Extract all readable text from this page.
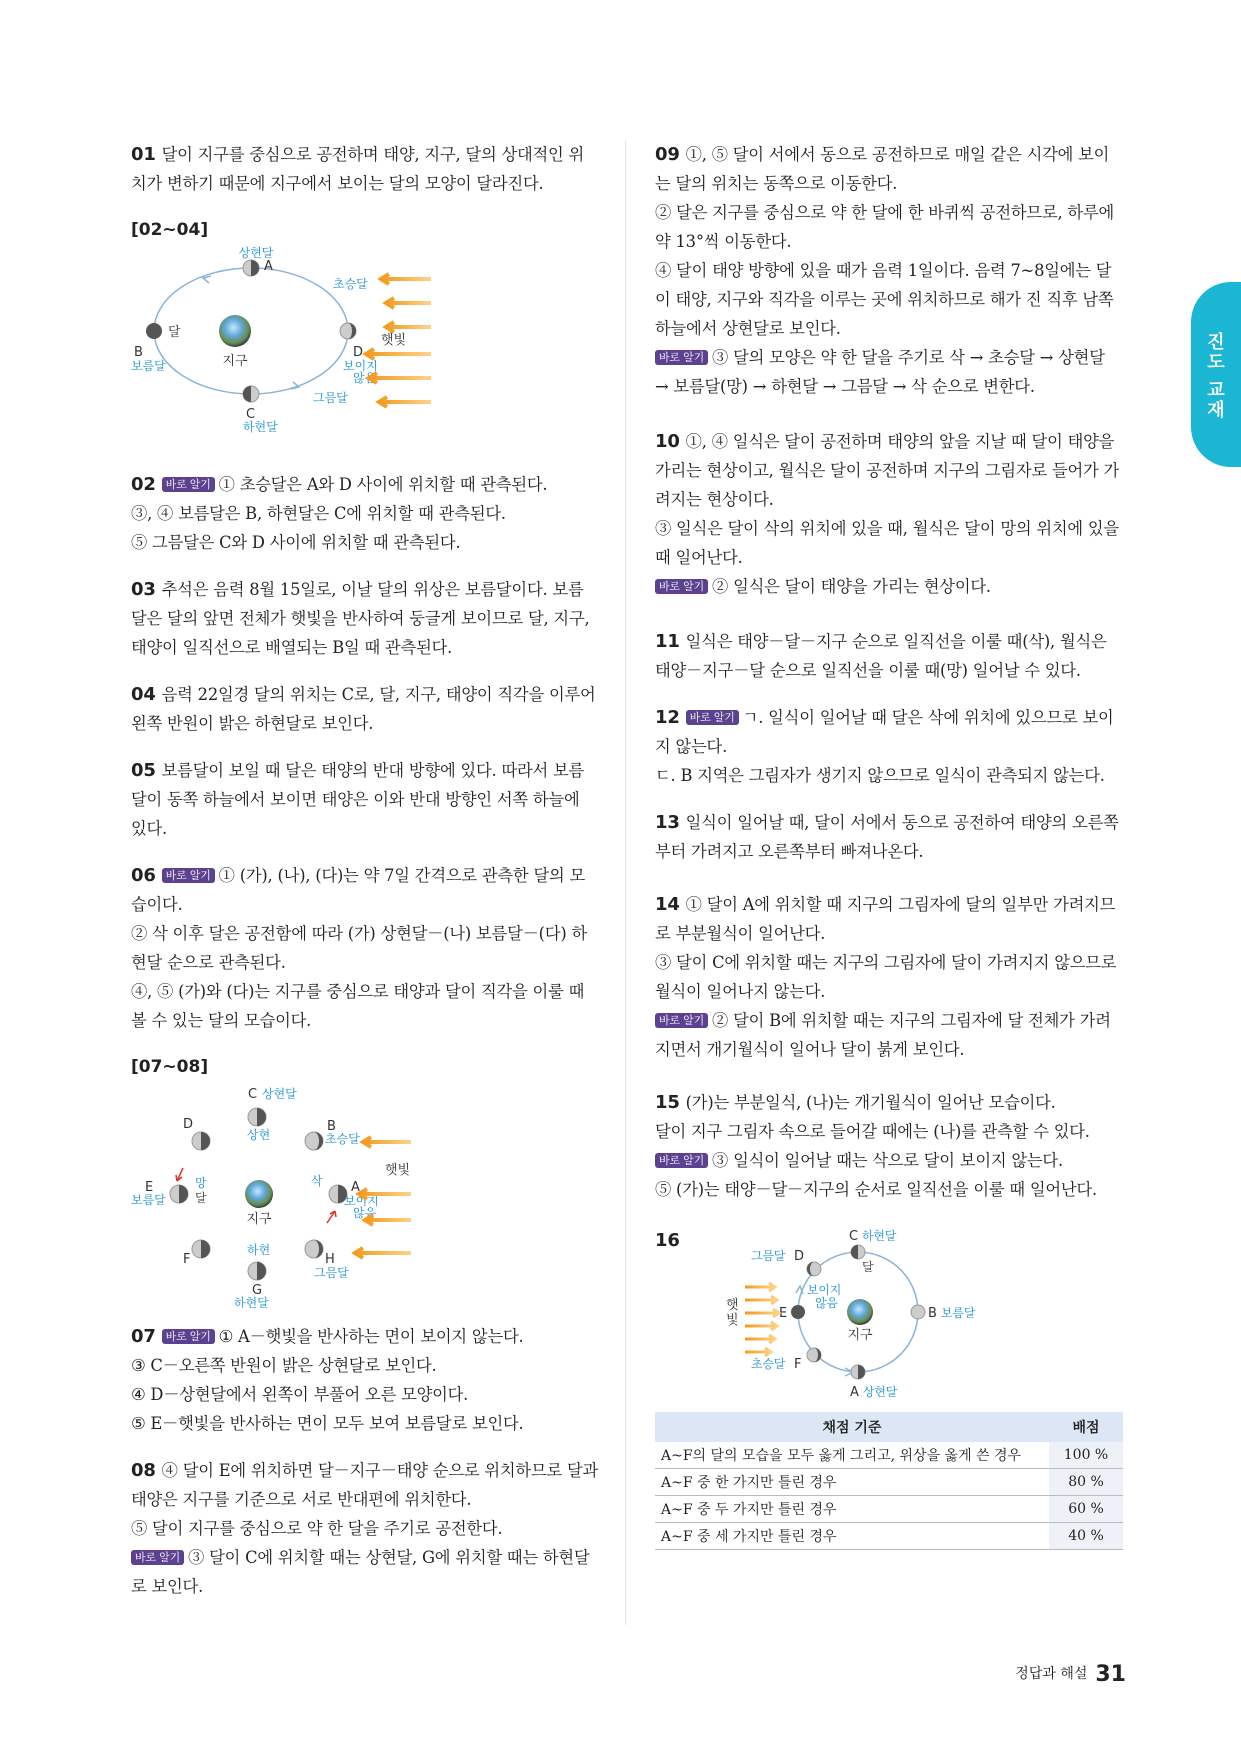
01 달이 지구를 중심으로 공전하며 태양, 지구, 달의 상대적인 위치가 변하기 때문에 지구에서 보이는 달의 모양이 달라진다.

[02~04]
지구
A
상현달
달
B
보름달
C
하현달
D
보이지
않음
초승달
그믐달
햇빛

02 바로 알기 ① 초승달은 A와 D 사이에 위치할 때 관측된다.

③, ④ 보름달은 B, 하현달은 C에 위치할 때 관측된다.

⑤ 그믐달은 C와 D 사이에 위치할 때 관측된다.

03 추석은 음력 8월 15일로, 이날 달의 위상은 보름달이다. 보름달은 달의 앞면 전체가 햇빛을 반사하여 둥글게 보이므로 달, 지구, 태양이 일직선으로 배열되는 B일 때 관측된다.

04 음력 22일경 달의 위치는 C로, 달, 지구, 태양이 직각을 이루어 왼쪽 반원이 밝은 하현달로 보인다.

05 보름달이 보일 때 달은 태양의 반대 방향에 있다. 따라서 보름달이 동쪽 하늘에서 보이면 태양은 이와 반대 방향인 서쪽 하늘에 있다.

06 바로 알기 ① (가), (나), (다)는 약 7일 간격으로 관측한 달의 모습이다.

② 삭 이후 달은 공전함에 따라 (가) 상현달－(나) 보름달－(다) 하현달 순으로 관측된다.

④, ⑤ (가)와 (다)는 지구를 중심으로 태양과 달이 직각을 이룰 때 볼 수 있는 달의 모습이다.

[07~08]
지구
C 상현달
상현
B
초승달
D
삭 A
보이지
않음
E
보름달
망
달
하현
F	H
그믐달
G
하현달
햇빛

07 바로 알기 ① A－햇빛을 반사하는 면이 보이지 않는다.

③ C－오른쪽 반원이 밝은 상현달로 보인다.

④ D－상현달에서 왼쪽이 부풀어 오른 모양이다.

⑤ E－햇빛을 반사하는 면이 모두 보여 보름달로 보인다.

08 ④ 달이 E에 위치하면 달－지구－태양 순으로 위치하므로 달과 태양은 지구를 기준으로 서로 반대편에 위치한다.

⑤ 달이 지구를 중심으로 약 한 달을 주기로 공전한다.

바로 알기 ③ 달이 C에 위치할 때는 상현달, G에 위치할 때는 하현달로 보인다.

09 ①, ⑤ 달이 서에서 동으로 공전하므로 매일 같은 시각에 보이는 달의 위치는 동쪽으로 이동한다.

② 달은 지구를 중심으로 약 한 달에 한 바퀴씩 공전하므로, 하루에 약 13°씩 이동한다.

④ 달이 태양 방향에 있을 때가 음력 1일이다. 음력 7~8일에는 달이 태양, 지구와 직각을 이루는 곳에 위치하므로 해가 진 직후 남쪽 하늘에서 상현달로 보인다.

바로 알기 ③ 달의 모양은 약 한 달을 주기로 삭 → 초승달 → 상현달 → 보름달(망) → 하현달 → 그믐달 → 삭 순으로 변한다.

10 ①, ④ 일식은 달이 공전하며 태양의 앞을 지날 때 달이 태양을 가리는 현상이고, 월식은 달이 공전하며 지구의 그림자로 들어가 가려지는 현상이다.

③ 일식은 달이 삭의 위치에 있을 때, 월식은 달이 망의 위치에 있을 때 일어난다.

바로 알기 ② 일식은 달이 태양을 가리는 현상이다.

11 일식은 태양－달－지구 순으로 일직선을 이룰 때(삭), 월식은 태양－지구－달 순으로 일직선을 이룰 때(망) 일어날 수 있다.

12 바로 알기 ㄱ. 일식이 일어날 때 달은 삭에 위치에 있으므로 보이지 않는다.

ㄷ. B 지역은 그림자가 생기지 않으므로 일식이 관측되지 않는다.

13 일식이 일어날 때, 달이 서에서 동으로 공전하여 태양의 오른쪽부터 가려지고 오른쪽부터 빠져나온다.

14 ① 달이 A에 위치할 때 지구의 그림자에 달의 일부만 가려지므로 부분월식이 일어난다.

③ 달이 C에 위치할 때는 지구의 그림자에 달이 가려지지 않으므로 월식이 일어나지 않는다.

바로 알기 ② 달이 B에 위치할 때는 지구의 그림자에 달 전체가 가려지면서 개기월식이 일어나 달이 붉게 보인다.

15 (가)는 부분일식, (나)는 개기월식이 일어난 모습이다.

달이 지구 그림자 속으로 들어갈 때에는 (나)를 관측할 수 있다.

바로 알기 ③ 일식이 일어날 때는 삭으로 달이 보이지 않는다.

⑤ (가)는 태양－달－지구의 순서로 일직선을 이룰 때 일어난다.

16
지구
C 하현달
D
그믐달
달
B 보름달
E
보이지
않음
F
초승달
A 상현달
햇
빛
채점 기준	배점
A~F의 달의 모습을 모두 옳게 그리고, 위상을 옳게 쓴 경우	100 %
A~F 중 한 가지만 틀린 경우	80 %
A~F 중 두 가지만 틀린 경우	60 %
A~F 중 세 가지만 틀린 경우	40 %
진도 교재
정답과 해설 31
